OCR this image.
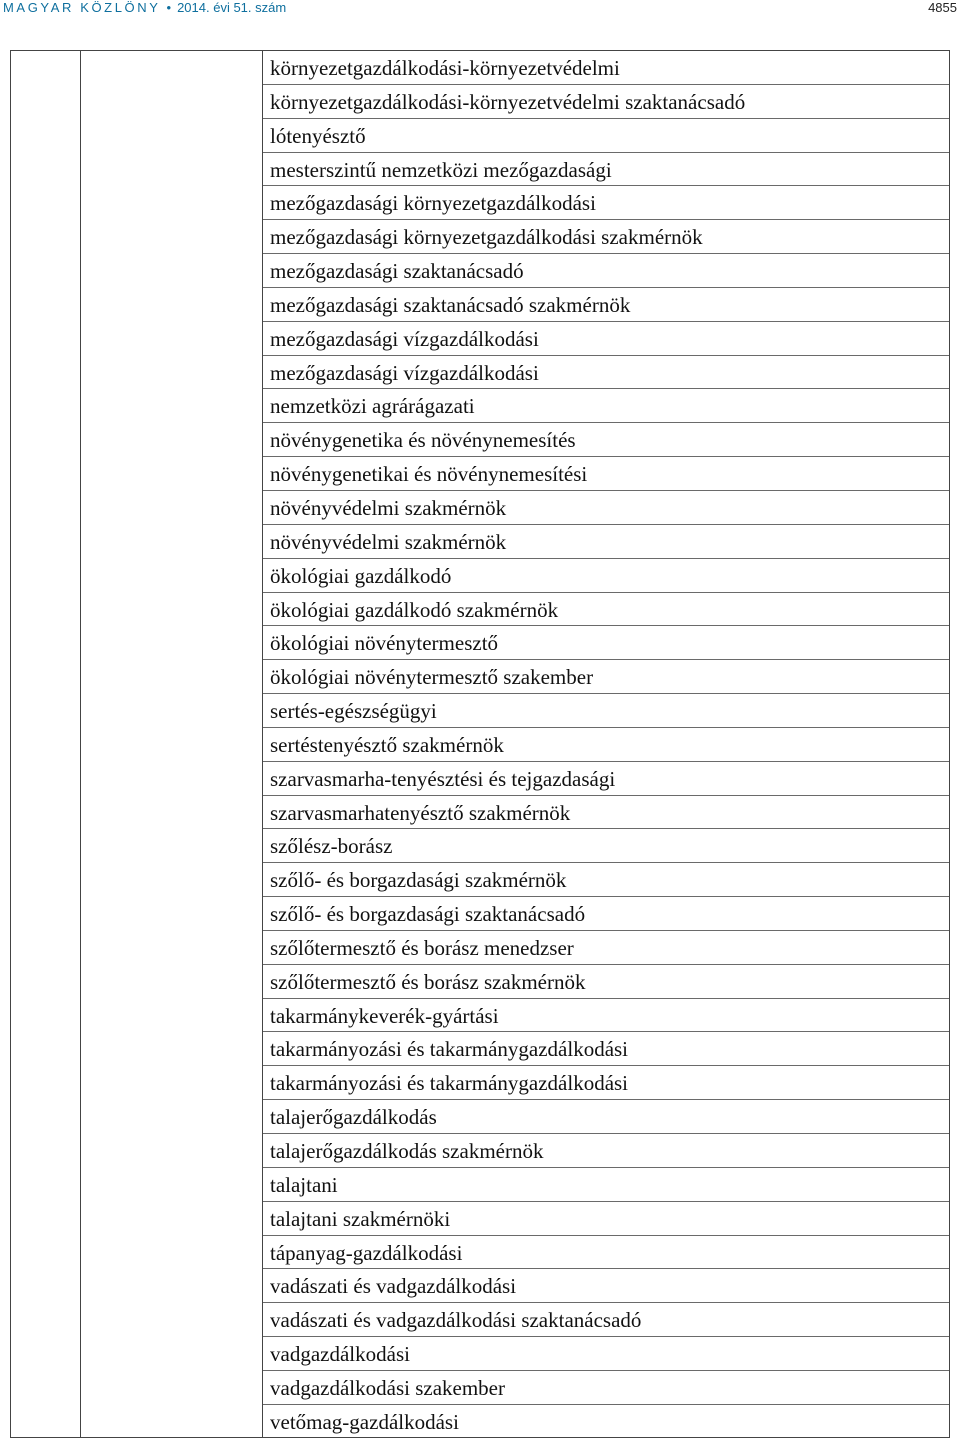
MAGYAR KÖZLÖNY • 2014. évi 51. szám	4855
környezetgazdálkodási-környezetvédelmi
környezetgazdálkodási-környezetvédelmi szaktanácsadó
lótenyésztő
mesterszintű nemzetközi mezőgazdasági
mezőgazdasági környezetgazdálkodási
mezőgazdasági környezetgazdálkodási szakmérnök
mezőgazdasági szaktanácsadó
mezőgazdasági szaktanácsadó szakmérnök
mezőgazdasági vízgazdálkodási
mezőgazdasági vízgazdálkodási
nemzetközi agrárágazati
növénygenetika és növénynemesítés
növénygenetikai és növénynemesítési
növényvédelmi szakmérnök
növényvédelmi szakmérnök
ökológiai gazdálkodó
ökológiai gazdálkodó szakmérnök
ökológiai növénytermesztő
ökológiai növénytermesztő szakember
sertés-egészségügyi
sertéstenyésztő szakmérnök
szarvasmarha-tenyésztési és tejgazdasági
szarvasmarhatenyésztő szakmérnök
szőlész-borász
szőlő- és borgazdasági szakmérnök
szőlő- és borgazdasági szaktanácsadó
szőlőtermesztő és borász menedzser
szőlőtermesztő és borász szakmérnök
takarmánykeverék-gyártási
takarmányozási és takarmánygazdálkodási
takarmányozási és takarmánygazdálkodási
talajerőgazdálkodás
talajerőgazdálkodás szakmérnök
talajtani
talajtani szakmérnöki
tápanyag-gazdálkodási
vadászati és vadgazdálkodási
vadászati és vadgazdálkodási szaktanácsadó
vadgazdálkodási
vadgazdálkodási szakember
vetőmag-gazdálkodási
